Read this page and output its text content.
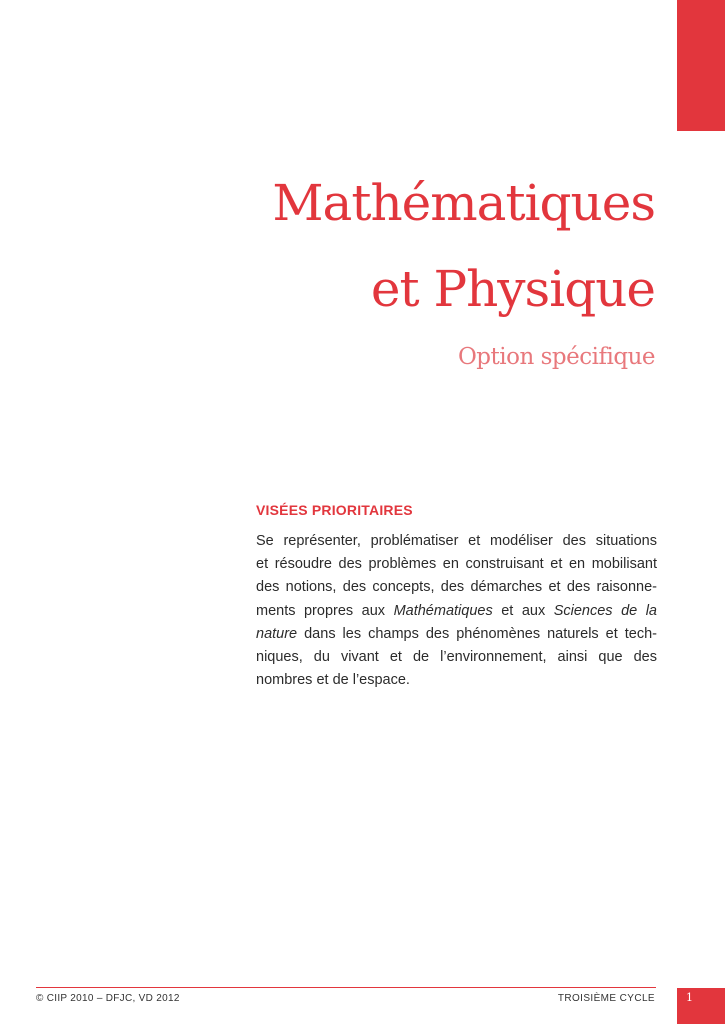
Mathématiques
et Physique
Option spécifique
VISÉES PRIORITAIRES
Se représenter, problématiser et modéliser des situations
et résoudre des problèmes en construisant et en mobilisant
des notions, des concepts, des démarches et des raisonne-
ments propres aux Mathématiques et aux Sciences de la
nature dans les champs des phénomènes naturels et tech-
niques, du vivant et de l’environnement, ainsi que des
nombres et de l’espace.
© CIIP 2010 – DFJC, VD 2012	TROISIÈME CYCLE	1
